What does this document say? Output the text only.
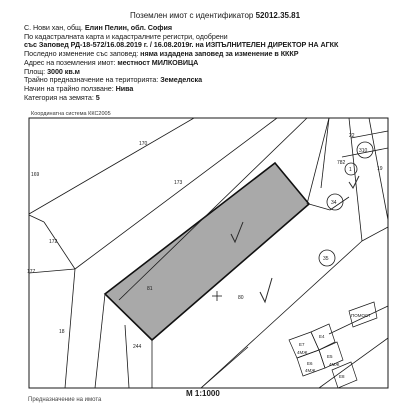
Поземлен имот с идентификатор 52012.35.81
С. Нови хан, общ. Елин Пелин, обл. София
По кадастралната карта и кадастралните регистри, одобрени
със Заповед РД-18-572/16.08.2019 г. / 16.08.2019г. на ИЗПЪЛНИТЕЛЕН ДИРЕКТОР НА АГКК
Последно изменение със заповед: няма издадена заповед за изменение в КККР
Адрес на поземления имот: местност МИЛКОВИЦА
Площ: 3000 кв.м
Трайно предназначение на територията: Земеделска
Начин на трайно ползване: Нива
Категория на земята: 5
Координатна система ККС2005
170
169
173
172
177
81
18
80
22
782
19
310
1
34
35
244
ПОМОСТ
Е7
Е4
Е6
Е5
Е8
4МЖ
4МЖ
4МЖ
М 1:1000
Предназначение на имота
